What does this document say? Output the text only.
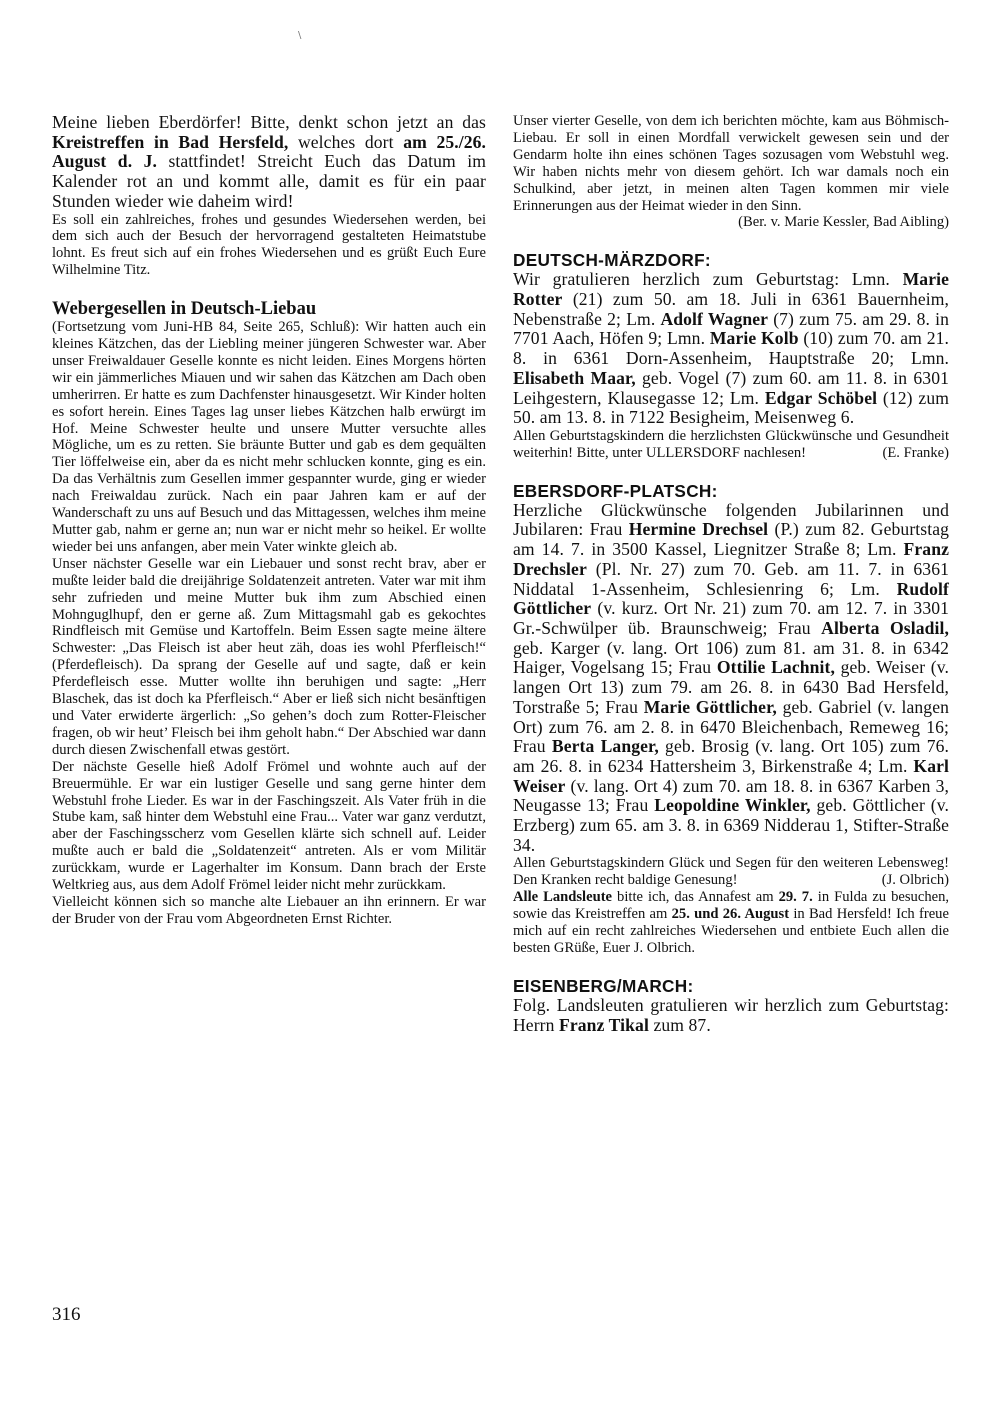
\

Meine lieben Eberdörfer! Bitte, denkt schon jetzt an das Kreistreffen in Bad Hersfeld, welches dort am 25./26. August d. J. stattfindet! Streicht Euch das Datum im Kalender rot an und kommt alle, damit es für ein paar Stunden wieder wie daheim wird!

Es soll ein zahlreiches, frohes und gesundes Wiedersehen werden, bei dem sich auch der Besuch der hervorragend gestalteten Heimatstube lohnt. Es freut sich auf ein frohes Wiedersehen und es grüßt Euch Eure Wilhelmine Titz.

Webergesellen in Deutsch-Liebau

(Fortsetzung vom Juni-HB 84, Seite 265, Schluß): Wir hatten auch ein kleines Kätzchen, das der Liebling meiner jüngeren Schwester war. Aber unser Freiwaldauer Geselle konnte es nicht leiden. Eines Morgens hörten wir ein jämmerliches Miauen und wir sahen das Kätzchen am Dach oben umherirren. Er hatte es zum Dachfenster hinausgesetzt. Wir Kinder holten es sofort herein. Eines Tages lag unser liebes Kätzchen halb erwürgt im Hof. Meine Schwester heulte und unsere Mutter versuchte alles Mögliche, um es zu retten. Sie bräunte Butter und gab es dem gequälten Tier löffelweise ein, aber da es nicht mehr schlucken konnte, ging es ein. Da das Verhältnis zum Gesellen immer gespannter wurde, ging er wieder nach Freiwaldau zurück. Nach ein paar Jahren kam er auf der Wanderschaft zu uns auf Besuch und das Mittagessen, welches ihm meine Mutter gab, nahm er gerne an; nun war er nicht mehr so heikel. Er wollte wieder bei uns anfangen, aber mein Vater winkte gleich ab.

Unser nächster Geselle war ein Liebauer und sonst recht brav, aber er mußte leider bald die dreijährige Soldatenzeit antreten. Vater war mit ihm sehr zufrieden und meine Mutter buk ihm zum Abschied einen Mohnguglhupf, den er gerne aß. Zum Mittagsmahl gab es gekochtes Rindfleisch mit Gemüse und Kartoffeln. Beim Essen sagte meine ältere Schwester: „Das Fleisch ist aber heut zäh, doas ies wohl Pferfleisch!“ (Pferdefleisch). Da sprang der Geselle auf und sagte, daß er kein Pferdefleisch esse. Mutter wollte ihn beruhigen und sagte: „Herr Blaschek, das ist doch ka Pferfleisch.“ Aber er ließ sich nicht besänftigen und Vater erwiderte ärgerlich: „So gehen’s doch zum Rotter-Fleischer fragen, ob wir heut’ Fleisch bei ihm geholt habn.“ Der Abschied war dann durch diesen Zwischenfall etwas gestört.

Der nächste Geselle hieß Adolf Frömel und wohnte auch auf der Breuermühle. Er war ein lustiger Geselle und sang gerne hinter dem Webstuhl frohe Lieder. Es war in der Faschingszeit. Als Vater früh in die Stube kam, saß hinter dem Webstuhl eine Frau... Vater war ganz verdutzt, aber der Faschingsscherz vom Gesellen klärte sich schnell auf. Leider mußte auch er bald die „Soldatenzeit“ antreten. Als er vom Militär zurückkam, wurde er Lagerhalter im Konsum. Dann brach der Erste Weltkrieg aus, aus dem Adolf Frömel leider nicht mehr zurückkam.

Vielleicht können sich so manche alte Liebauer an ihn erinnern. Er war der Bruder von der Frau vom Abgeordneten Ernst Richter.

Unser vierter Geselle, von dem ich berichten möchte, kam aus Böhmisch-Liebau. Er soll in einen Mordfall verwickelt gewesen sein und der Gendarm holte ihn eines schönen Tages sozusagen vom Webstuhl weg. Wir haben nichts mehr von diesem gehört. Ich war damals noch ein Schulkind, aber jetzt, in meinen alten Tagen kommen mir viele Erinnerungen aus der Heimat wieder in den Sinn.

(Ber. v. Marie Kessler, Bad Aibling)

DEUTSCH-MÄRZDORF:

Wir gratulieren herzlich zum Geburtstag: Lmn. Marie Rotter (21) zum 50. am 18. Juli in 6361 Bauernheim, Nebenstraße 2; Lm. Adolf Wagner (7) zum 75. am 29. 8. in 7701 Aach, Höfen 9; Lmn. Marie Kolb (10) zum 70. am 21. 8. in 6361 Dorn-Assenheim, Hauptstraße 20; Lmn. Elisabeth Maar, geb. Vogel (7) zum 60. am 11. 8. in 6301 Leihgestern, Klausegasse 12; Lm. Edgar Schöbel (12) zum 50. am 13. 8. in 7122 Besigheim, Meisenweg 6.

Allen Geburtstagskindern die herzlichsten Glückwünsche und Gesundheit weiterhin! Bitte, unter ULLERSDORF nachlesen!	(E. Franke)

EBERSDORF-PLATSCH:

Herzliche Glückwünsche folgenden Jubilarinnen und Jubilaren: Frau Hermine Drechsel (P.) zum 82. Geburtstag am 14. 7. in 3500 Kassel, Liegnitzer Straße 8; Lm. Franz Drechsler (Pl. Nr. 27) zum 70. Geb. am 11. 7. in 6361 Niddatal 1-Assenheim, Schlesienring 6; Lm. Rudolf Göttlicher (v. kurz. Ort Nr. 21) zum 70. am 12. 7. in 3301 Gr.-Schwülper üb. Braunschweig; Frau Alberta Osladil, geb. Karger (v. lang. Ort 106) zum 81. am 31. 8. in 6342 Haiger, Vogelsang 15; Frau Ottilie Lachnit, geb. Weiser (v. langen Ort 13) zum 79. am 26. 8. in 6430 Bad Hersfeld, Torstraße 5; Frau Marie Göttlicher, geb. Gabriel (v. langen Ort) zum 76. am 2. 8. in 6470 Bleichenbach, Remeweg 16; Frau Berta Langer, geb. Brosig (v. lang. Ort 105) zum 76. am 26. 8. in 6234 Hattersheim 3, Birkenstraße 4; Lm. Karl Weiser (v. lang. Ort 4) zum 70. am 18. 8. in 6367 Karben 3, Neugasse 13; Frau Leopoldine Winkler, geb. Göttlicher (v. Erzberg) zum 65. am 3. 8. in 6369 Nidderau 1, Stifter-Straße 34.

Allen Geburtstagskindern Glück und Segen für den weiteren Lebensweg! Den Kranken recht baldige Genesung!	(J. Olbrich)

Alle Landsleute bitte ich, das Annafest am 29. 7. in Fulda zu besuchen, sowie das Kreistreffen am 25. und 26. August in Bad Hersfeld! Ich freue mich auf ein recht zahlreiches Wiedersehen und entbiete Euch allen die besten GRüße, Euer J. Olbrich.

EISENBERG/MARCH:

Folg. Landsleuten gratulieren wir herzlich zum Geburtstag: Herrn Franz Tikal zum 87.

316
